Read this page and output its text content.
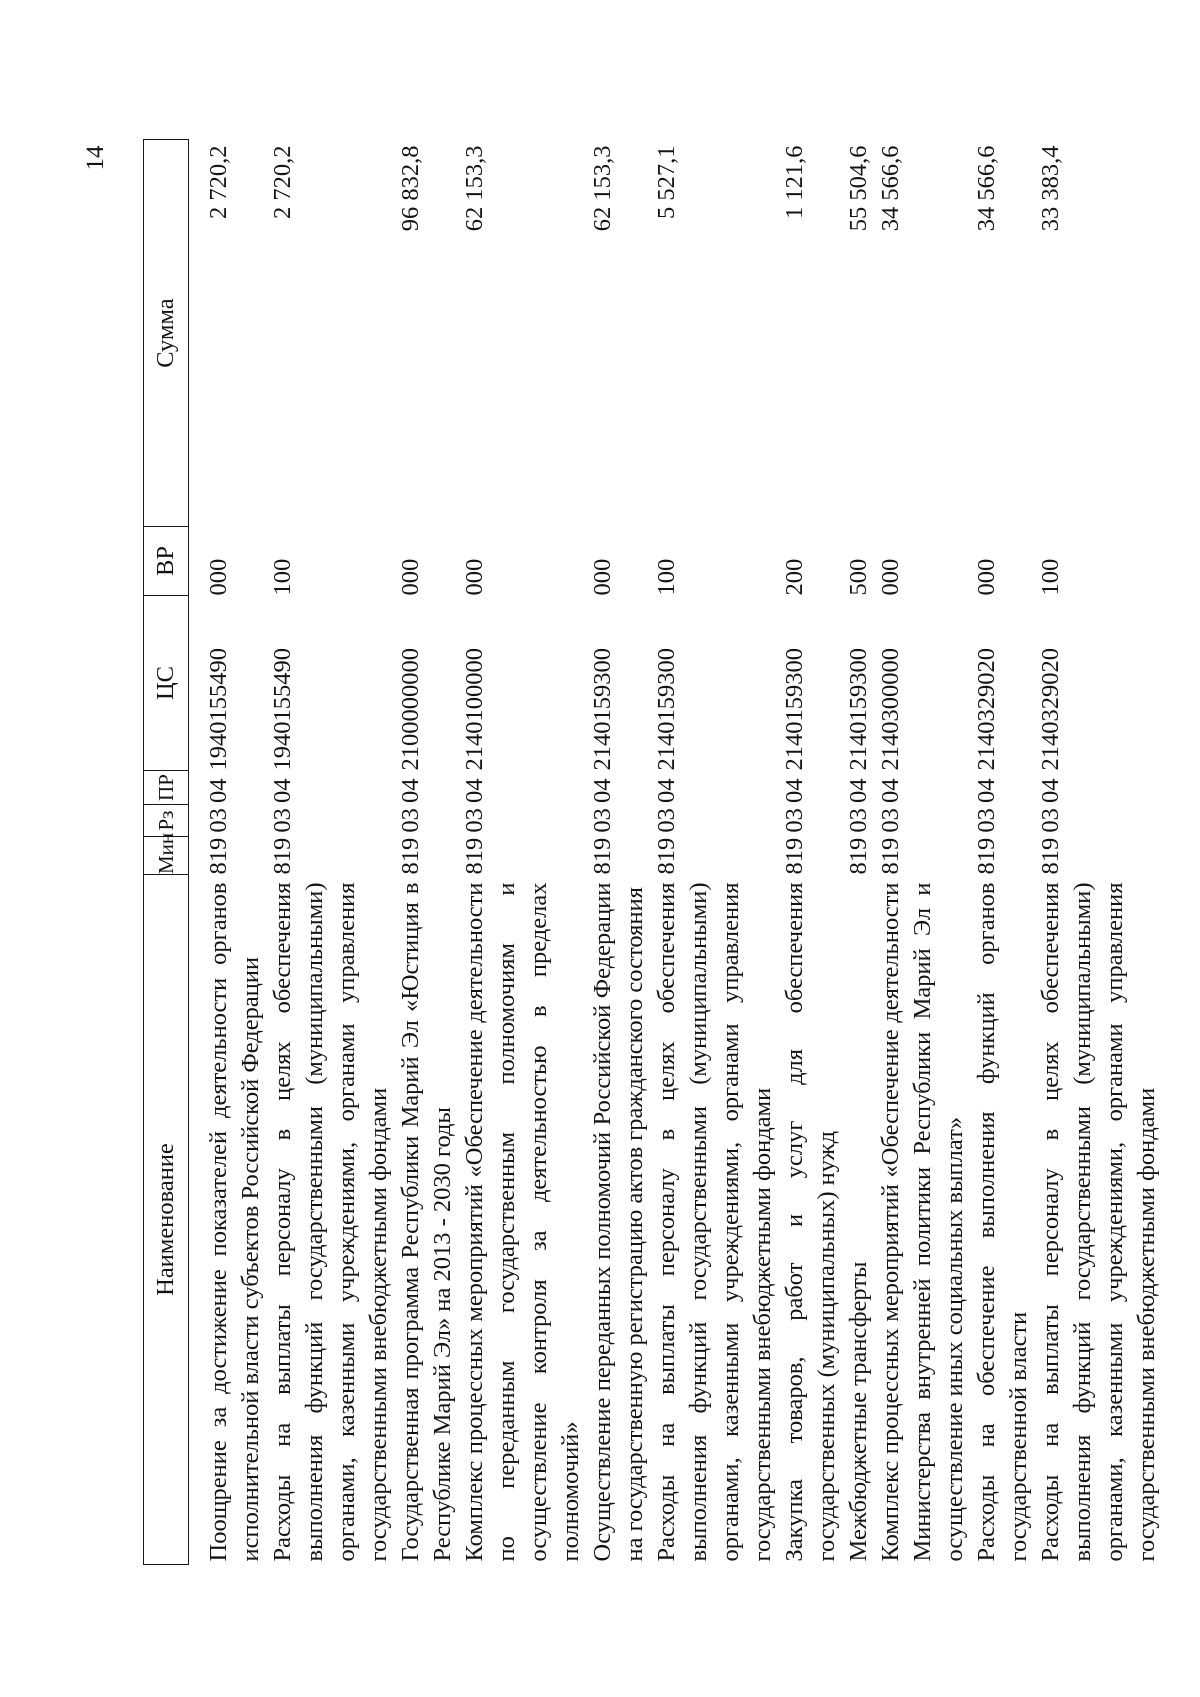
14
Наименование	Мин	Рз	ПР	ЦС	ВР	Сумма
Поощрение за достижение показателей деятельности органов исполнительной власти субъектов Российской Федерации	819 03 04			1940155490	000	2 720,2
Расходы на выплаты персоналу в целях обеспечения выполнения функций государственными (муниципальными) органами, казенными учреждениями, органами управления государственными внебюджетными фондами	819 03 04			1940155490	100	2 720,2
Государственная программа Республики Марий Эл «Юстиция в Республике Марий Эл» на 2013 - 2030 годы	819 03 04			2100000000	000	96 832,8
Комплекс процессных мероприятий «Обеспечение деятельности по переданным государственным полномочиям и осуществление контроля за деятельностью в пределах полномочий»	819 03 04			2140100000	000	62 153,3
Осуществление переданных полномочий Российской Федерации на государственную регистрацию актов гражданского состояния	819 03 04			2140159300	000	62 153,3
Расходы на выплаты персоналу в целях обеспечения выполнения функций государственными (муниципальными) органами, казенными учреждениями, органами управления государственными внебюджетными фондами	819 03 04			2140159300	100	5 527,1
Закупка товаров, работ и услуг для обеспечения государственных (муниципальных) нужд	819 03 04			2140159300	200	1 121,6
Межбюджетные трансферты	819 03 04			2140159300	500	55 504,6
Комплекс процессных мероприятий «Обеспечение деятельности Министерства внутренней политики Республики Марий Эл и осуществление иных социальных выплат»	819 03 04			2140300000	000	34 566,6
Расходы на обеспечение выполнения функций органов государственной власти	819 03 04			2140329020	000	34 566,6
Расходы на выплаты персоналу в целях обеспечения выполнения функций государственными (муниципальными) органами, казенными учреждениями, органами управления государственными внебюджетными фондами	819 03 04			2140329020	100	33 383,4
